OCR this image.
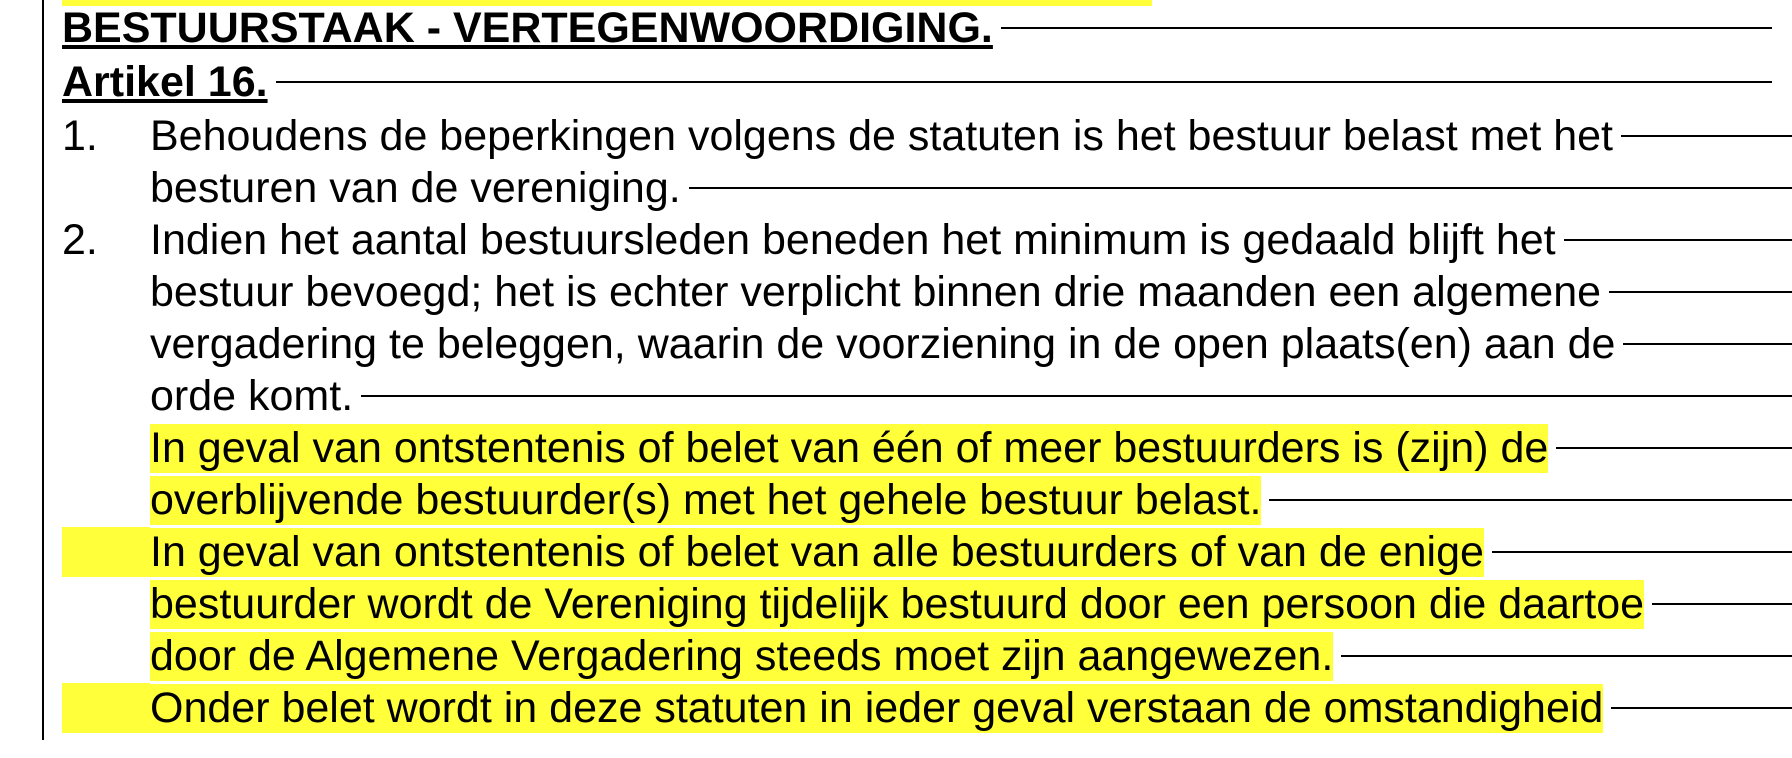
BESTUURSTAAK - VERTEGENWOORDIGING.
Artikel 16.
1.	Behoudens de beperkingen volgens de statuten is het bestuur belast met het
besturen van de vereniging.
2.	Indien het aantal bestuursleden beneden het minimum is gedaald blijft het
bestuur bevoegd; het is echter verplicht binnen drie maanden een algemene
vergadering te beleggen, waarin de voorziening in de open plaats(en) aan de
orde komt.
In geval van ontstentenis of belet van één of meer bestuurders is (zijn) de
overblijvende bestuurder(s) met het gehele bestuur belast.
In geval van ontstentenis of belet van alle bestuurders of van de enige
bestuurder wordt de Vereniging tijdelijk bestuurd door een persoon die daartoe
door de Algemene Vergadering steeds moet zijn aangewezen.
Onder belet wordt in deze statuten in ieder geval verstaan de omstandigheid
